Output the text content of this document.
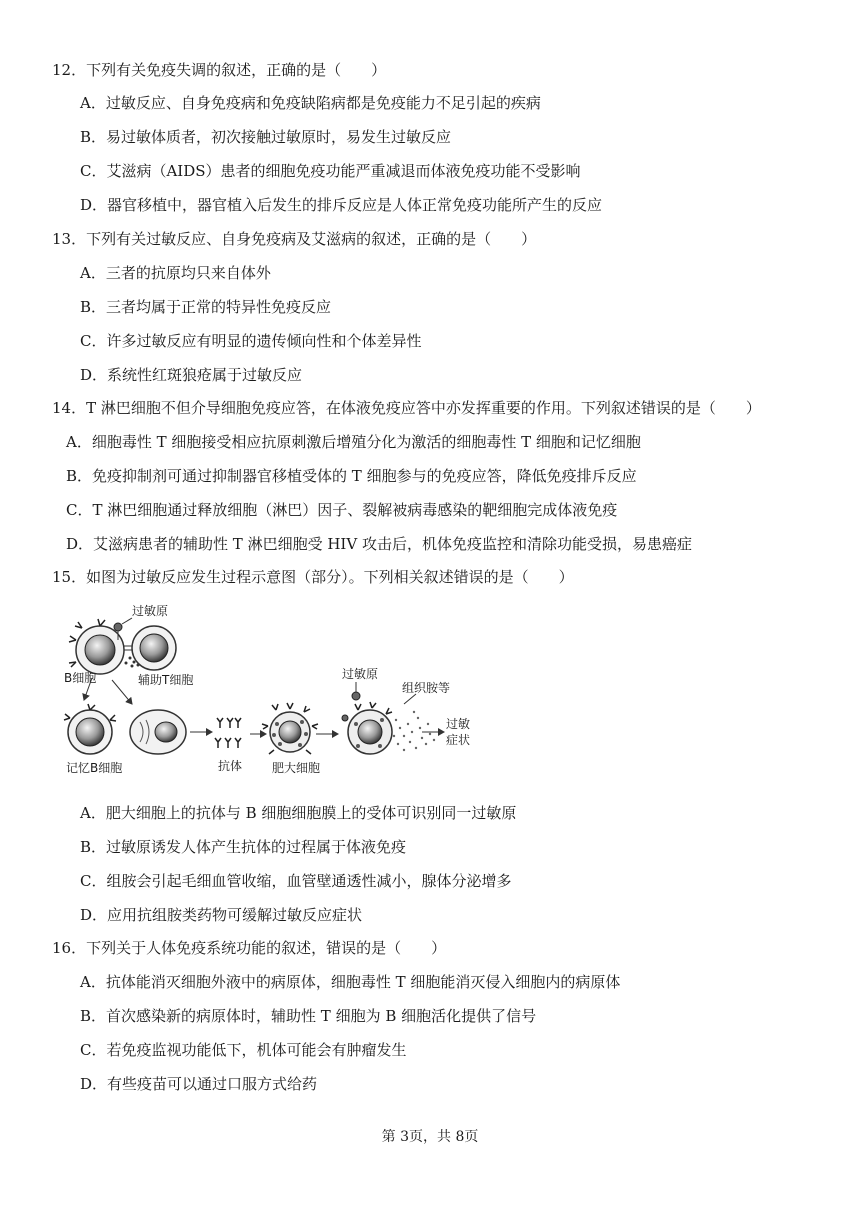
12．下列有关免疫失调的叙述，正确的是（　　）
A．过敏反应、自身免疫病和免疫缺陷病都是免疫能力不足引起的疾病
B．易过敏体质者，初次接触过敏原时，易发生过敏反应
C．艾滋病（AIDS）患者的细胞免疫功能严重减退而体液免疫功能不受影响
D．器官移植中，器官植入后发生的排斥反应是人体正常免疫功能所产生的反应
13．下列有关过敏反应、自身免疫病及艾滋病的叙述，正确的是（　　）
A．三者的抗原均只来自体外
B．三者均属于正常的特异性免疫反应
C．许多过敏反应有明显的遗传倾向性和个体差异性
D．系统性红斑狼疮属于过敏反应
14．T 淋巴细胞不但介导细胞免疫应答，在体液免疫应答中亦发挥重要的作用。下列叙述错误的是（　　）
A．细胞毒性 T 细胞接受相应抗原刺激后增殖分化为激活的细胞毒性 T 细胞和记忆细胞
B．免疫抑制剂可通过抑制器官移植受体的 T 细胞参与的免疫应答，降低免疫排斥反应
C．T 淋巴细胞通过释放细胞（淋巴）因子、裂解被病毒感染的靶细胞完成体液免疫
D．艾滋病患者的辅助性 T 淋巴细胞受 HIV 攻击后，机体免疫监控和清除功能受损，易患癌症
15．如图为过敏反应发生过程示意图（部分）。下列相关叙述错误的是（　　）
过敏原
B细胞	辅助T细胞
记忆B细胞	抗体 肥大细胞
过敏原
组织胺等
过敏
症状
A．肥大细胞上的抗体与 B 细胞细胞膜上的受体可识别同一过敏原
B．过敏原诱发人体产生抗体的过程属于体液免疫
C．组胺会引起毛细血管收缩，血管壁通透性减小，腺体分泌增多
D．应用抗组胺类药物可缓解过敏反应症状
16．下列关于人体免疫系统功能的叙述，错误的是（　　）
A．抗体能消灭细胞外液中的病原体，细胞毒性 T 细胞能消灭侵入细胞内的病原体
B．首次感染新的病原体时，辅助性 T 细胞为 B 细胞活化提供了信号
C．若免疫监视功能低下，机体可能会有肿瘤发生
D．有些疫苗可以通过口服方式给药
第 3页，共 8页
